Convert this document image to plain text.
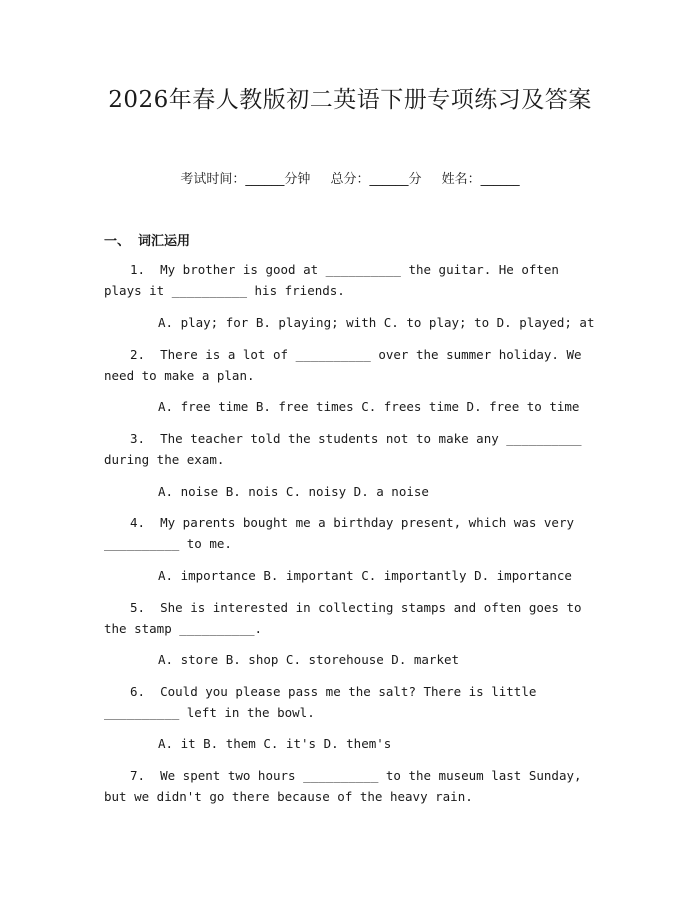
2026年春人教版初二英语下册专项练习及答案
考试时间：______分钟 总分：______分 姓名：______
一、 词汇运用
1.  My brother is good at __________ the guitar. He often plays it __________ his friends.
A. play; for B. playing; with C. to play; to D. played; at
2.  There is a lot of __________ over the summer holiday. We need to make a plan.
A. free time B. free times C. frees time D. free to time
3.  The teacher told the students not to make any __________ during the exam.
A. noise B. nois C. noisy D. a noise
4.  My parents bought me a birthday present, which was very __________ to me.
A. importance B. important C. importantly D. importance
5.  She is interested in collecting stamps and often goes to the stamp __________.
A. store B. shop C. storehouse D. market
6.  Could you please pass me the salt? There is little __________ left in the bowl.
A. it B. them C. it's D. them's
7.  We spent two hours __________ to the museum last Sunday, but we didn't go there because of the heavy rain.
